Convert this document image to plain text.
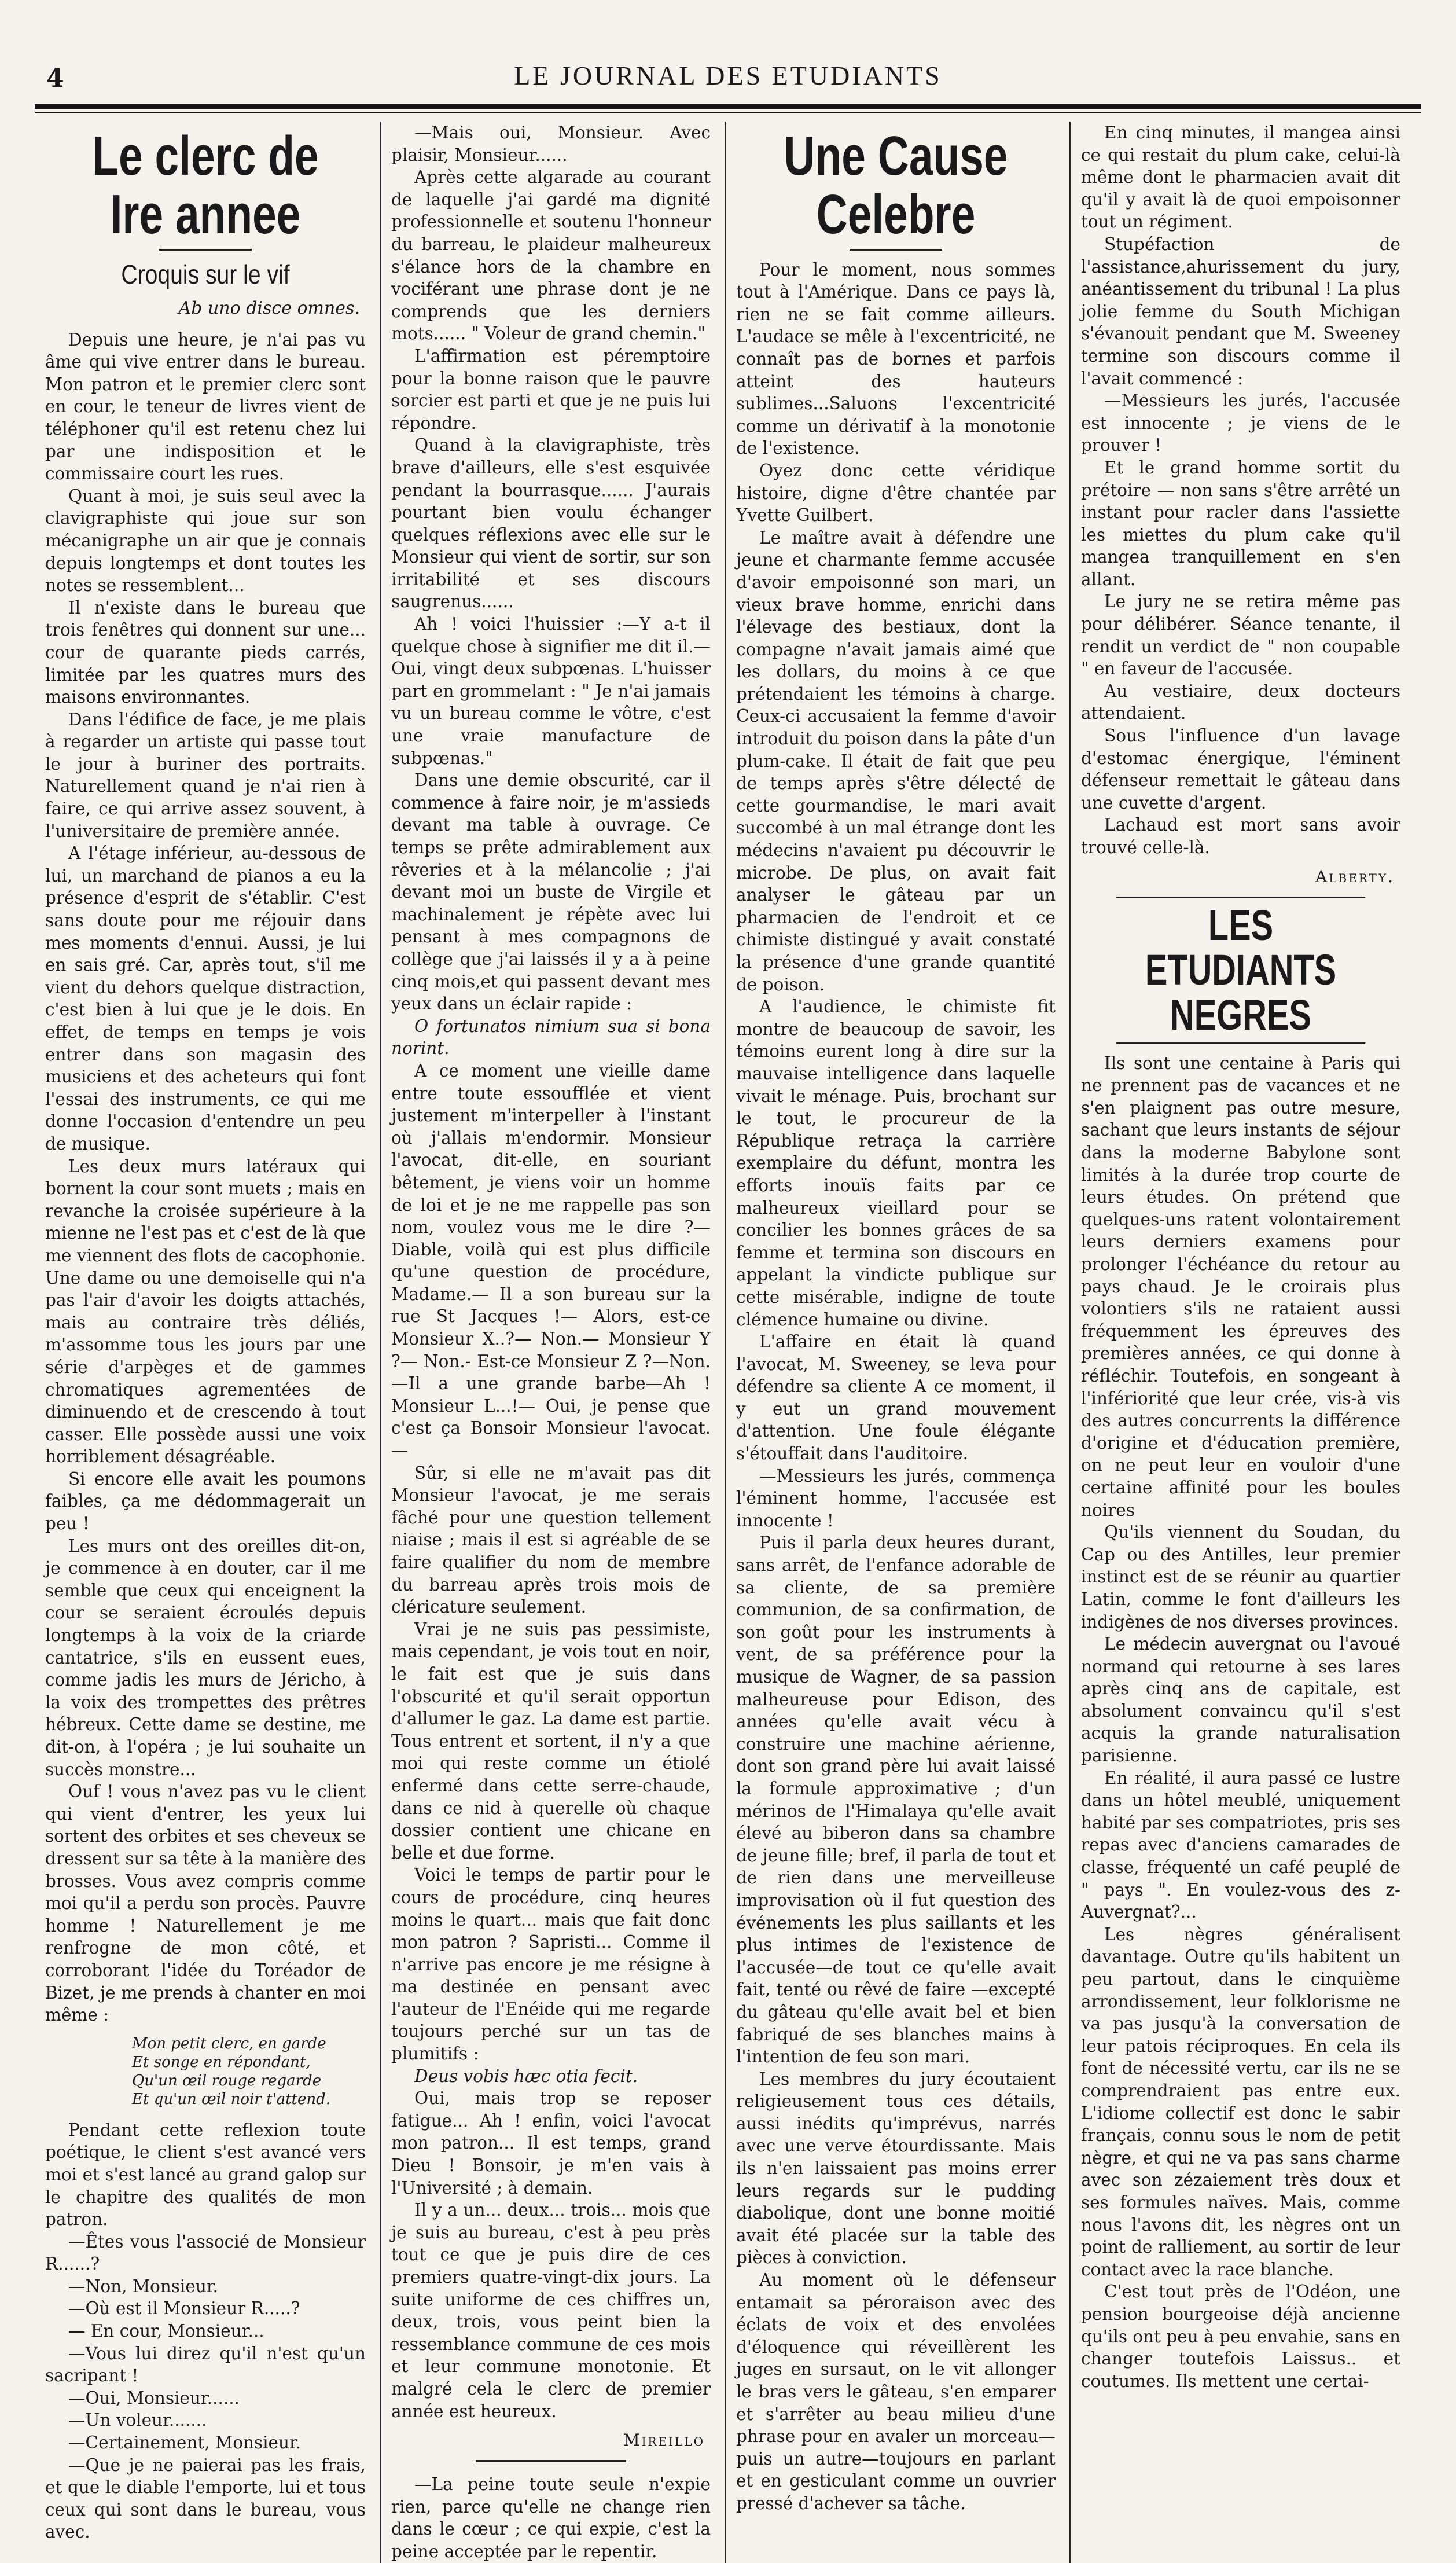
4	LE JOURNAL DES ETUDIANTS
Le clerc de Ire annee
Croquis sur le vif
Ab uno disce omnes.

Depuis une heure, je n'ai pas vu âme qui vive entrer dans le bureau. Mon patron et le premier clerc sont en cour, le teneur de livres vient de téléphoner qu'il est retenu chez lui par une indisposition et le commissaire court les rues.

Quant à moi, je suis seul avec la clavigraphiste qui joue sur son mécanigraphe un air que je connais depuis longtemps et dont toutes les notes se ressemblent...

Il n'existe dans le bureau que trois fenêtres qui donnent sur une... cour de quarante pieds carrés, limitée par les quatres murs des maisons environnantes.

Dans l'édifice de face, je me plais à regarder un artiste qui passe tout le jour à buriner des portraits. Naturellement quand je n'ai rien à faire, ce qui arrive assez souvent, à l'universitaire de première année.

A l'étage inférieur, au-dessous de lui, un marchand de pianos a eu la présence d'esprit de s'établir. C'est sans doute pour me réjouir dans mes moments d'ennui. Aussi, je lui en sais gré. Car, après tout, s'il me vient du dehors quelque distraction, c'est bien à lui que je le dois. En effet, de temps en temps je vois entrer dans son magasin des musiciens et des acheteurs qui font l'essai des instruments, ce qui me donne l'occasion d'entendre un peu de musique.

Les deux murs latéraux qui bornent la cour sont muets ; mais en revanche la croisée supérieure à la mienne ne l'est pas et c'est de là que me viennent des flots de cacophonie. Une dame ou une demoiselle qui n'a pas l'air d'avoir les doigts attachés, mais au contraire très déliés, m'assomme tous les jours par une série d'arpèges et de gammes chromatiques agrementées de diminuendo et de crescendo à tout casser. Elle possède aussi une voix horriblement désagréable.

Si encore elle avait les poumons faibles, ça me dédommagerait un peu !

Les murs ont des oreilles dit-on, je commence à en douter, car il me semble que ceux qui enceignent la cour se seraient écroulés depuis longtemps à la voix de la criarde cantatrice, s'ils en eussent eues, comme jadis les murs de Jéricho, à la voix des trompettes des prêtres hébreux. Cette dame se destine, me dit-on, à l'opéra ; je lui souhaite un succès monstre...

Ouf ! vous n'avez pas vu le client qui vient d'entrer, les yeux lui sortent des orbites et ses cheveux se dressent sur sa tête à la manière des brosses. Vous avez compris comme moi qu'il a perdu son procès. Pauvre homme ! Naturellement je me renfrogne de mon côté, et corroborant l'idée du Toréador de Bizet, je me prends à chanter en moi même :

Mon petit clerc, en garde
Et songe en répondant,
Qu'un œil rouge regarde
Et qu'un œil noir t'attend.

Pendant cette reflexion toute poétique, le client s'est avancé vers moi et s'est lancé au grand galop sur le chapitre des qualités de mon patron.

—Êtes vous l'associé de Monsieur R......?

—Non, Monsieur.

—Où est il Monsieur R.....?

— En cour, Monsieur...

—Vous lui direz qu'il n'est qu'un sacripant !

—Oui, Monsieur......

—Un voleur.......

—Certainement, Monsieur.

—Que je ne paierai pas les frais, et que le diable l'emporte, lui et tous ceux qui sont dans le bureau, vous avec.

—Mais oui, Monsieur. Avec plaisir, Monsieur......

Après cette algarade au courant de laquelle j'ai gardé ma dignité professionnelle et soutenu l'honneur du barreau, le plaideur malheureux s'élance hors de la chambre en vociférant une phrase dont je ne comprends que les derniers mots...... " Voleur de grand chemin."

L'affirmation est péremptoire pour la bonne raison que le pauvre sorcier est parti et que je ne puis lui répondre.

Quand à la clavigraphiste, très brave d'ailleurs, elle s'est esquivée pendant la bourrasque...... J'aurais pourtant bien voulu échanger quelques réflexions avec elle sur le Monsieur qui vient de sortir, sur son irritabilité et ses discours saugrenus......

Ah ! voici l'huissier :—Y a-t il quelque chose à signifier me dit il.— Oui, vingt deux subpœnas. L'huisser part en grommelant : " Je n'ai jamais vu un bureau comme le vôtre, c'est une vraie manufacture de subpœnas."

Dans une demie obscurité, car il commence à faire noir, je m'assieds devant ma table à ouvrage. Ce temps se prête admirablement aux rêveries et à la mélancolie ; j'ai devant moi un buste de Virgile et machinalement je répète avec lui pensant à mes compagnons de collège que j'ai laissés il y a à peine cinq mois,et qui passent devant mes yeux dans un éclair rapide :

O fortunatos nimium sua si bona norint.

A ce moment une vieille dame entre toute essoufflée et vient justement m'interpeller à l'instant où j'allais m'endormir. Monsieur l'avocat, dit-elle, en souriant bêtement, je viens voir un homme de loi et je ne me rappelle pas son nom, voulez vous me le dire ?— Diable, voilà qui est plus difficile qu'une question de procédure, Madame.— Il a son bureau sur la rue St Jacques !— Alors, est-ce Monsieur X..?— Non.— Monsieur Y ?— Non.- Est-ce Monsieur Z ?—Non.—Il a une grande barbe—Ah ! Monsieur L...!— Oui, je pense que c'est ça Bonsoir Monsieur l'avocat.—

Sûr, si elle ne m'avait pas dit Monsieur l'avocat, je me serais fâché pour une question tellement niaise ; mais il est si agréable de se faire qualifier du nom de membre du barreau après trois mois de cléricature seulement.

Vrai je ne suis pas pessimiste, mais cependant, je vois tout en noir, le fait est que je suis dans l'obscurité et qu'il serait opportun d'allumer le gaz. La dame est partie. Tous entrent et sortent, il n'y a que moi qui reste comme un étiolé enfermé dans cette serre-chaude, dans ce nid à querelle où chaque dossier contient une chicane en belle et due forme.

Voici le temps de partir pour le cours de procédure, cinq heures moins le quart... mais que fait donc mon patron ? Sapristi... Comme il n'arrive pas encore je me résigne à ma destinée en pensant avec l'auteur de l'Enéide qui me regarde toujours perché sur un tas de plumitifs :

Deus vobis hæc otia fecit.

Oui, mais trop se reposer fatigue... Ah ! enfin, voici l'avocat mon patron... Il est temps, grand Dieu ! Bonsoir, je m'en vais à l'Université ; à demain.

Il y a un... deux... trois... mois que je suis au bureau, c'est à peu près tout ce que je puis dire de ces premiers quatre-vingt-dix jours. La suite uniforme de ces chiffres un, deux, trois, vous peint bien la ressemblance commune de ces mois et leur commune monotonie. Et malgré cela le clerc de premier année est heureux.

Mireillo

—La peine toute seule n'expie rien, parce qu'elle ne change rien dans le cœur ; ce qui expie, c'est la peine acceptée par le repentir.

Une Cause Celebre

Pour le moment, nous sommes tout à l'Amérique. Dans ce pays là, rien ne se fait comme ailleurs. L'audace se mêle à l'excentricité, ne connaît pas de bornes et parfois atteint des hauteurs sublimes...Saluons l'excentricité comme un dérivatif à la monotonie de l'existence.

Oyez donc cette véridique histoire, digne d'être chantée par Yvette Guilbert.

Le maître avait à défendre une jeune et charmante femme accusée d'avoir empoisonné son mari, un vieux brave homme, enrichi dans l'élevage des bestiaux, dont la compagne n'avait jamais aimé que les dollars, du moins à ce que prétendaient les témoins à charge. Ceux-ci accusaient la femme d'avoir introduit du poison dans la pâte d'un plum-cake. Il était de fait que peu de temps après s'être délecté de cette gourmandise, le mari avait succombé à un mal étrange dont les médecins n'avaient pu découvrir le microbe. De plus, on avait fait analyser le gâteau par un pharmacien de l'endroit et ce chimiste distingué y avait constaté la présence d'une grande quantité de poison.

A l'audience, le chimiste fit montre de beaucoup de savoir, les témoins eurent long à dire sur la mauvaise intelligence dans laquelle vivait le ménage. Puis, brochant sur le tout, le procureur de la République retraça la carrière exemplaire du défunt, montra les efforts inouïs faits par ce malheureux vieillard pour se concilier les bonnes grâces de sa femme et termina son discours en appelant la vindicte publique sur cette misérable, indigne de toute clémence humaine ou divine.

L'affaire en était là quand l'avocat, M. Sweeney, se leva pour défendre sa cliente A ce moment, il y eut un grand mouvement d'attention. Une foule élégante s'étouffait dans l'auditoire.

—Messieurs les jurés, commença l'éminent homme, l'accusée est innocente !

Puis il parla deux heures durant, sans arrêt, de l'enfance adorable de sa cliente, de sa première communion, de sa confirmation, de son goût pour les instruments à vent, de sa préférence pour la musique de Wagner, de sa passion malheureuse pour Edison, des années qu'elle avait vécu à construire une machine aérienne, dont son grand père lui avait laissé la formule approximative ; d'un mérinos de l'Himalaya qu'elle avait élevé au biberon dans sa chambre de jeune fille; bref, il parla de tout et de rien dans une merveilleuse improvisation où il fut question des événements les plus saillants et les plus intimes de l'existence de l'accusée—de tout ce qu'elle avait fait, tenté ou rêvé de faire —excepté du gâteau qu'elle avait bel et bien fabriqué de ses blanches mains à l'intention de feu son mari.

Les membres du jury écoutaient religieusement tous ces détails, aussi inédits qu'imprévus, narrés avec une verve étourdissante. Mais ils n'en laissaient pas moins errer leurs regards sur le pudding diabolique, dont une bonne moitié avait été placée sur la table des pièces à conviction.

Au moment où le défenseur entamait sa péroraison avec des éclats de voix et des envolées d'éloquence qui réveillèrent les juges en sursaut, on le vit allonger le bras vers le gâteau, s'en emparer et s'arrêter au beau milieu d'une phrase pour en avaler un morceau—puis un autre—toujours en parlant et en gesticulant comme un ouvrier pressé d'achever sa tâche.

En cinq minutes, il mangea ainsi ce qui restait du plum cake, celui-là même dont le pharmacien avait dit qu'il y avait là de quoi empoisonner tout un régiment.

Stupéfaction de l'assistance,ahurissement du jury, anéantissement du tribunal ! La plus jolie femme du South Michigan s'évanouit pendant que M. Sweeney termine son discours comme il l'avait commencé :

—Messieurs les jurés, l'accusée est innocente ; je viens de le prouver !

Et le grand homme sortit du prétoire — non sans s'être arrêté un instant pour racler dans l'assiette les miettes du plum cake qu'il mangea tranquillement en s'en allant.

Le jury ne se retira même pas pour délibérer. Séance tenante, il rendit un verdict de " non coupable " en faveur de l'accusée.

Au vestiaire, deux docteurs attendaient.

Sous l'influence d'un lavage d'estomac énergique, l'éminent défenseur remettait le gâteau dans une cuvette d'argent.

Lachaud est mort sans avoir trouvé celle-là.

Alberty.
LES ETUDIANTS NEGRES

Ils sont une centaine à Paris qui ne prennent pas de vacances et ne s'en plaignent pas outre mesure, sachant que leurs instants de séjour dans la moderne Babylone sont limités à la durée trop courte de leurs études. On prétend que quelques-uns ratent volontairement leurs derniers examens pour prolonger l'échéance du retour au pays chaud. Je le croirais plus volontiers s'ils ne rataient aussi fréquemment les épreuves des premières années, ce qui donne à réfléchir. Toutefois, en songeant à l'infériorité que leur crée, vis-à vis des autres concurrents la différence d'origine et d'éducation première, on ne peut leur en vouloir d'une certaine affinité pour les boules noires

Qu'ils viennent du Soudan, du Cap ou des Antilles, leur premier instinct est de se réunir au quartier Latin, comme le font d'ailleurs les indigènes de nos diverses provinces.

Le médecin auvergnat ou l'avoué normand qui retourne à ses lares après cinq ans de capitale, est absolument convaincu qu'il s'est acquis la grande naturalisation parisienne.

En réalité, il aura passé ce lustre dans un hôtel meublé, uniquement habité par ses compatriotes, pris ses repas avec d'anciens camarades de classe, fréquenté un café peuplé de " pays ". En voulez-vous des z-Auvergnat?...

Les nègres généralisent davantage. Outre qu'ils habitent un peu partout, dans le cinquième arrondissement, leur folklorisme ne va pas jusqu'à la conversation de leur patois réciproques. En cela ils font de nécessité vertu, car ils ne se comprendraient pas entre eux. L'idiome collectif est donc le sabir français, connu sous le nom de petit nègre, et qui ne va pas sans charme avec son zézaiement très doux et ses formules naïves. Mais, comme nous l'avons dit, les nègres ont un point de ralliement, au sortir de leur contact avec la race blanche.

C'est tout près de l'Odéon, une pension bourgeoise déjà ancienne qu'ils ont peu à peu envahie, sans en changer toutefois Laissus.. et coutumes. Ils mettent une certai-
